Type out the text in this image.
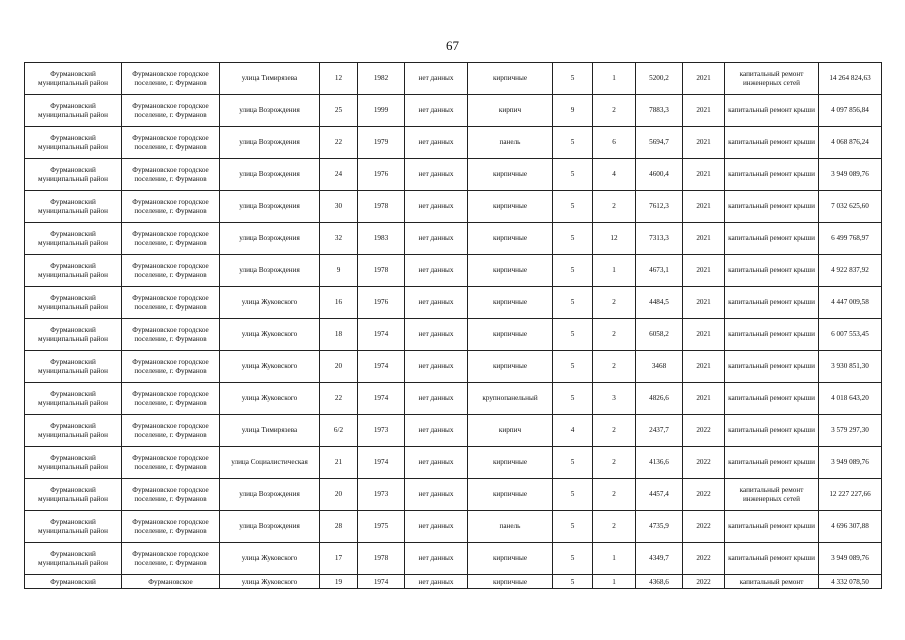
67
Фурмановский муниципальный район	Фурмановское городское поселение, г. Фурманов	улица Тимирязева	12	1982	нет данных	кирпичные	5	1	5200,2	2021	капитальный ремонт инженерных сетей	14 264 824,63
Фурмановский муниципальный район	Фурмановское городское поселение, г. Фурманов	улица Возрождения	25	1999	нет данных	кирпич	9	2	7883,3	2021	капитальный ремонт крыши	4 097 856,84
Фурмановский муниципальный район	Фурмановское городское поселение, г. Фурманов	улица Возрождения	22	1979	нет данных	панель	5	6	5694,7	2021	капитальный ремонт крыши	4 068 876,24
Фурмановский муниципальный район	Фурмановское городское поселение, г. Фурманов	улица Возрождения	24	1976	нет данных	кирпичные	5	4	4600,4	2021	капитальный ремонт крыши	3 949 089,76
Фурмановский муниципальный район	Фурмановское городское поселение, г. Фурманов	улица Возрождения	30	1978	нет данных	кирпичные	5	2	7612,3	2021	капитальный ремонт крыши	7 032 625,60
Фурмановский муниципальный район	Фурмановское городское поселение, г. Фурманов	улица Возрождения	32	1983	нет данных	кирпичные	5	12	7313,3	2021	капитальный ремонт крыши	6 499 768,97
Фурмановский муниципальный район	Фурмановское городское поселение, г. Фурманов	улица Возрождения	9	1978	нет данных	кирпичные	5	1	4673,1	2021	капитальный ремонт крыши	4 922 837,92
Фурмановский муниципальный район	Фурмановское городское поселение, г. Фурманов	улица Жуковского	16	1976	нет данных	кирпичные	5	2	4484,5	2021	капитальный ремонт крыши	4 447 009,58
Фурмановский муниципальный район	Фурмановское городское поселение, г. Фурманов	улица Жуковского	18	1974	нет данных	кирпичные	5	2	6058,2	2021	капитальный ремонт крыши	6 007 553,45
Фурмановский муниципальный район	Фурмановское городское поселение, г. Фурманов	улица Жуковского	20	1974	нет данных	кирпичные	5	2	3468	2021	капитальный ремонт крыши	3 930 851,30
Фурмановский муниципальный район	Фурмановское городское поселение, г. Фурманов	улица Жуковского	22	1974	нет данных	крупнопанельный	5	3	4826,6	2021	капитальный ремонт крыши	4 018 643,20
Фурмановский муниципальный район	Фурмановское городское поселение, г. Фурманов	улица Тимирязева	6/2	1973	нет данных	кирпич	4	2	2437,7	2022	капитальный ремонт крыши	3 579 297,30
Фурмановский муниципальный район	Фурмановское городское поселение, г. Фурманов	улица Социалистическая	21	1974	нет данных	кирпичные	5	2	4136,6	2022	капитальный ремонт крыши	3 949 089,76
Фурмановский муниципальный район	Фурмановское городское поселение, г. Фурманов	улица Возрождения	20	1973	нет данных	кирпичные	5	2	4457,4	2022	капитальный ремонт инженерных сетей	12 227 227,66
Фурмановский муниципальный район	Фурмановское городское поселение, г. Фурманов	улица Возрождения	28	1975	нет данных	панель	5	2	4735,9	2022	капитальный ремонт крыши	4 696 307,88
Фурмановский муниципальный район	Фурмановское городское поселение, г. Фурманов	улица Жуковского	17	1978	нет данных	кирпичные	5	1	4349,7	2022	капитальный ремонт крыши	3 949 089,76
Фурмановский	Фурмановское	улица Жуковского	19	1974	нет данных	кирпичные	5	1	4368,6	2022	капитальный ремонт	4 332 078,50
